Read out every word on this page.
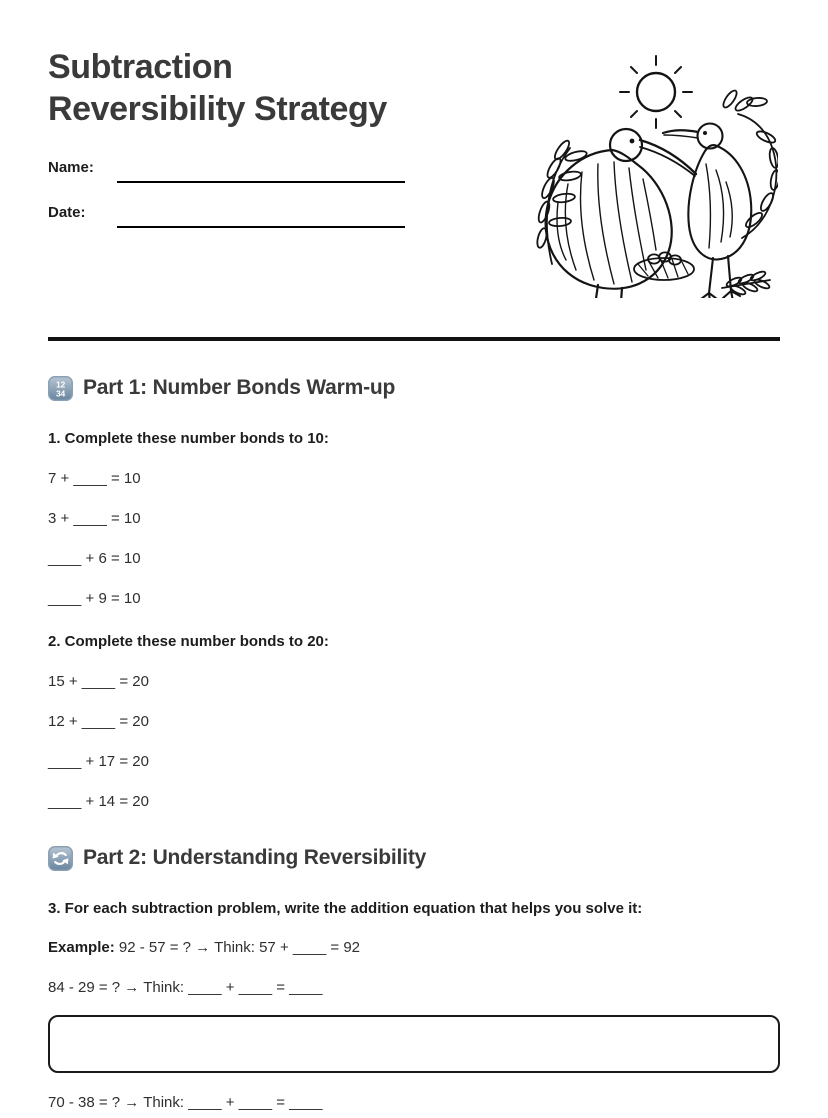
Subtraction
Reversibility Strategy
Name:
Date:
12
34 Part 1: Number Bonds Warm-up

1. Complete these number bonds to 10:

7 + ____ = 10
3 + ____ = 10
____ + 6 = 10
____ + 9 = 10

2. Complete these number bonds to 20:

15 + ____ = 20
12 + ____ = 20
____ + 17 = 20
____ + 14 = 20
Part 2: Understanding Reversibility

3. For each subtraction problem, write the addition equation that helps you solve it:

Example: 92 - 57 = ? → Think: 57 + ____ = 92

84 - 29 = ? → Think: ____ + ____ = ____
70 - 38 = ? → Think: ____ + ____ = ____
